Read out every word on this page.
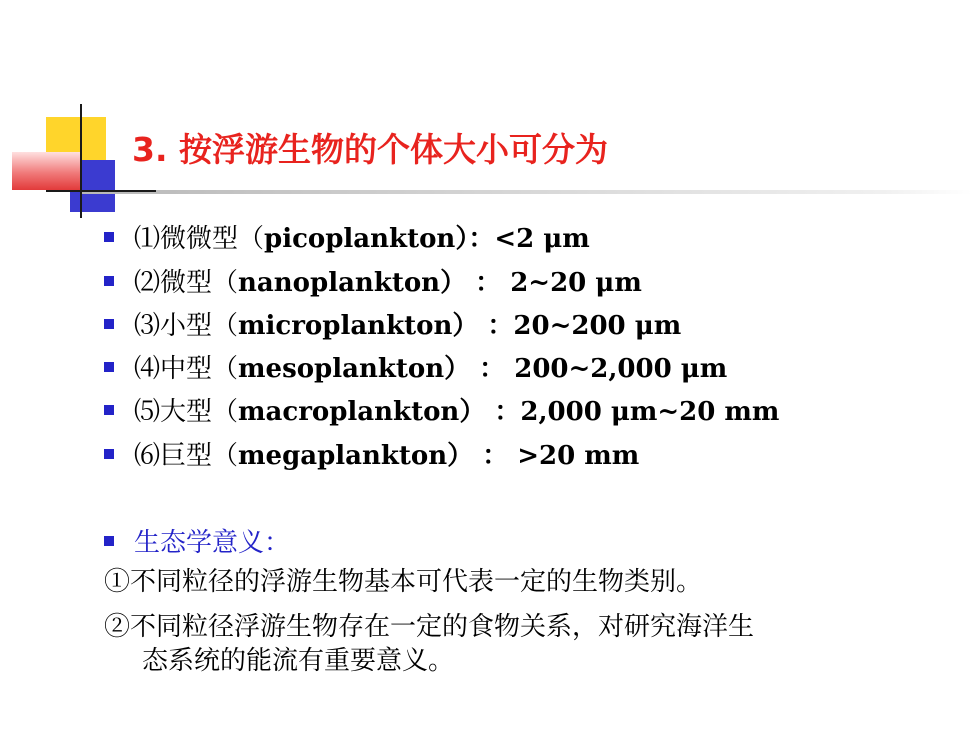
3. 按浮游生物的个体大小可分为
⑴微微型（picoplankton）：<2 μm
⑵微型（nanoplankton） ： 2~20 μm
⑶小型（microplankton） ：20~200 μm
⑷中型（mesoplankton） ： 200~2,000 μm
⑸大型（macroplankton） ：2,000 μm~20 mm
⑹巨型（megaplankton） ： >20 mm
生态学意义：
①不同粒径的浮游生物基本可代表一定的生物类别。
②不同粒径浮游生物存在一定的食物关系，对研究海洋生
态系统的能流有重要意义。
